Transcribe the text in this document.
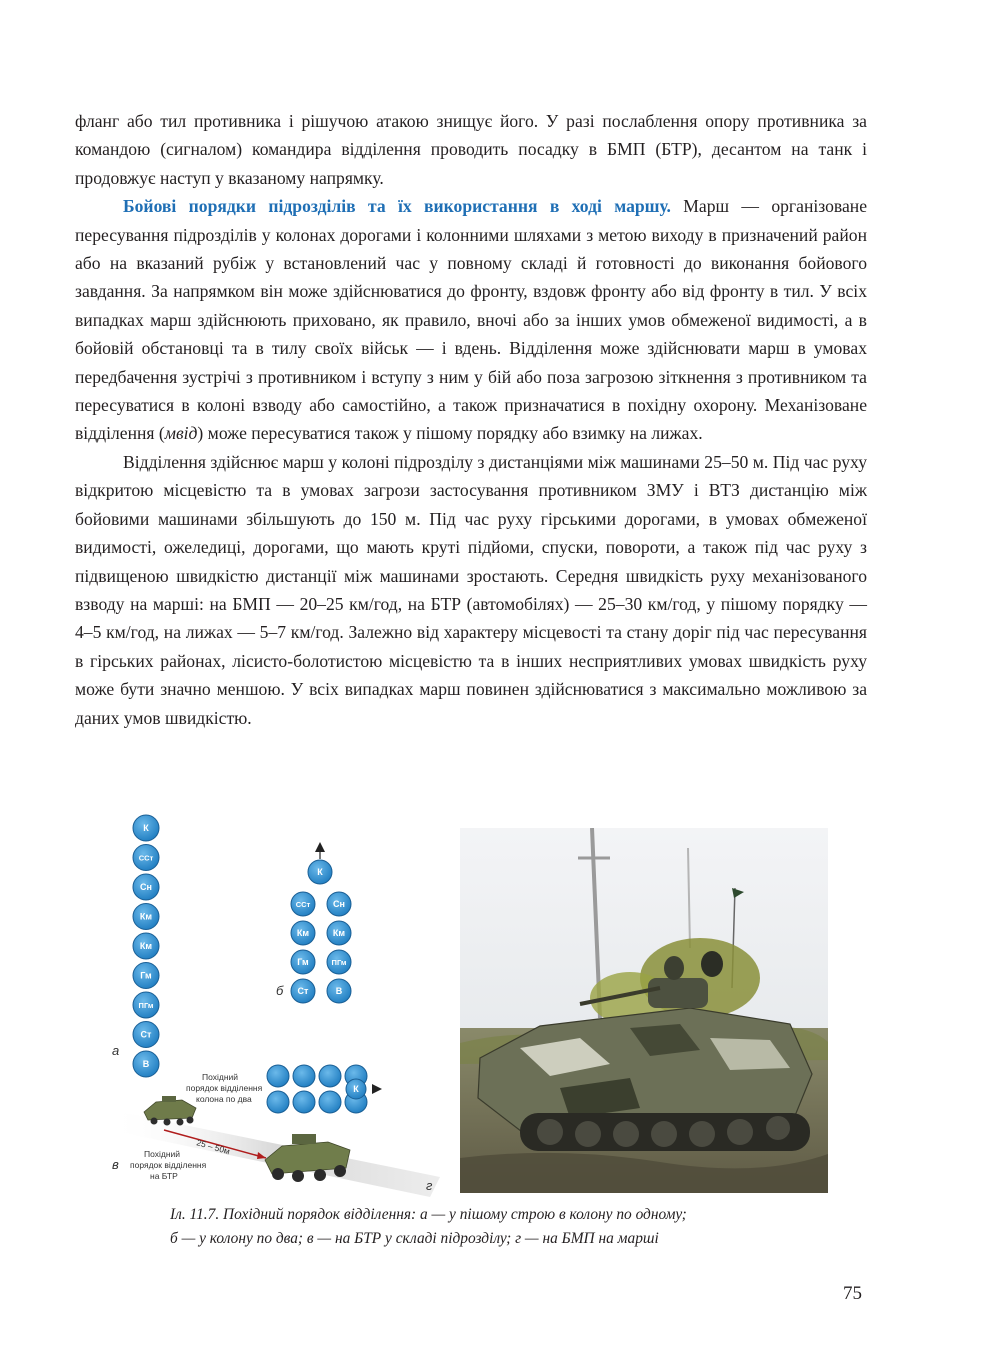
фланг або тил противника і рішучою атакою знищує його. У разі послаблення опору противника за командою (сигналом) командира відділення проводить посадку в БМП (БТР), десантом на танк і продовжує наступ у вказаному напрямку.

Бойові порядки підрозділів та їх використання в ході маршу. Марш — організоване пересування підрозділів у колонах дорогами і колонними шляхами з метою виходу в призначений район або на вказаний рубіж у встановлений час у повному складі й готовності до виконання бойового завдання. За напрямком він може здійснюватися до фронту, вздовж фронту або від фронту в тил. У всіх випадках марш здійснюють приховано, як правило, вночі або за інших умов обмеженої видимості, а в бойовій обстановці та в тилу своїх військ — і вдень. Відділення може здійснювати марш в умовах передбачення зустрічі з противником і вступу з ним у бій або поза загрозою зіткнення з противником та пересуватися в колоні взводу або самостійно, а також призначатися в похідну охорону. Механізоване відділення (мвід) може пересуватися також у пішому порядку або взимку на лижах.

Відділення здійснює марш у колоні підрозділу з дистанціями між машинами 25–50 м. Під час руху відкритою місцевістю та в умовах загрози застосування противником ЗМУ і ВТЗ дистанцію між бойовими машинами збільшують до 150 м. Під час руху гірськими дорогами, в умовах обмеженої видимості, ожеледиці, дорогами, що мають круті підйоми, спуски, повороти, а також під час руху з підвищеною швидкістю дистанції між машинами зростають. Середня швидкість руху механізованого взводу на марші: на БМП — 20–25 км/год, на БТР (автомобілях) — 25–30 км/год, у пішому порядку — 4–5 км/год, на лижах — 5–7 км/год. Залежно від характеру місцевості та стану доріг під час пересування в гірських районах, лісисто-болотистою місцевістю та в інших несприятливих умовах швидкість руху може бути значно меншою. У всіх випадках марш повинен здійснюватися з максимально можливою за даних умов швидкістю.

К
ССт
Сн
Км
Км
Гм
ПГм
Ст
В
а
К
ССт
Км
Гм
Ст
Сн
Км
ПГм
В
б
К
Похідний
порядок відділення
колона по два
25 – 50м
Похідний
порядок відділення
на БТР
в
г
Іл. 11.7. Похідний порядок відділення: а — у пішому строю в колону по одному;
б — у колону по два; в — на БТР у складі підрозділу; г — на БМП на марші
75
